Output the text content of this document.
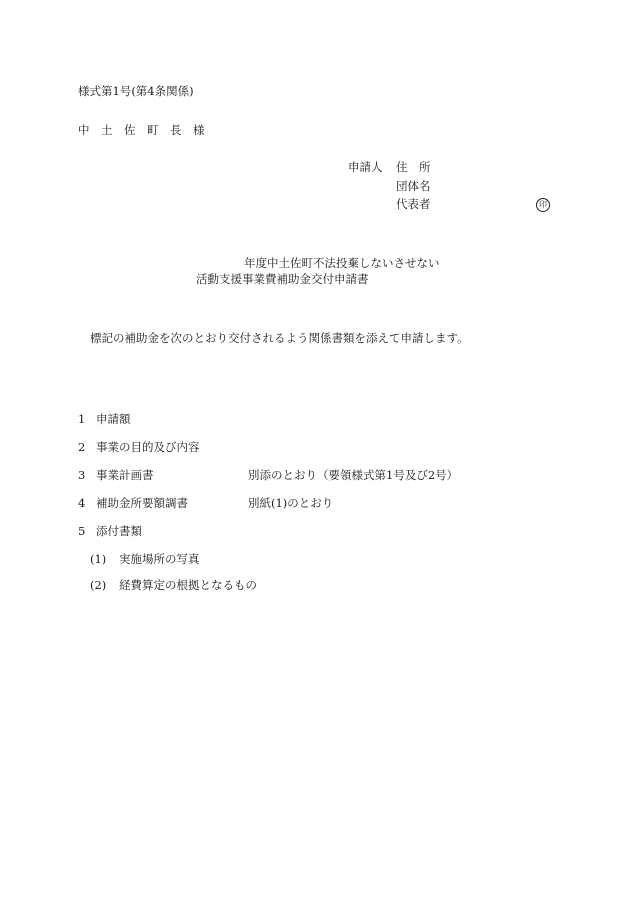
様式第1号(第4条関係)
中　土　佐　町　長　様
申請人 住　所
団体名
代表者	印
年度中土佐町不法投棄しないさせない
活動支援事業費補助金交付申請書
標記の補助金を次のとおり交付されるよう関係書類を添えて申請します。
1 申請額
2 事業の目的及び内容
3 事業計画書	別添のとおり（要領様式第1号及び2号）
4 補助金所要額調書	別紙(1)のとおり
5 添付書類
(1) 実施場所の写真
(2) 経費算定の根拠となるもの
